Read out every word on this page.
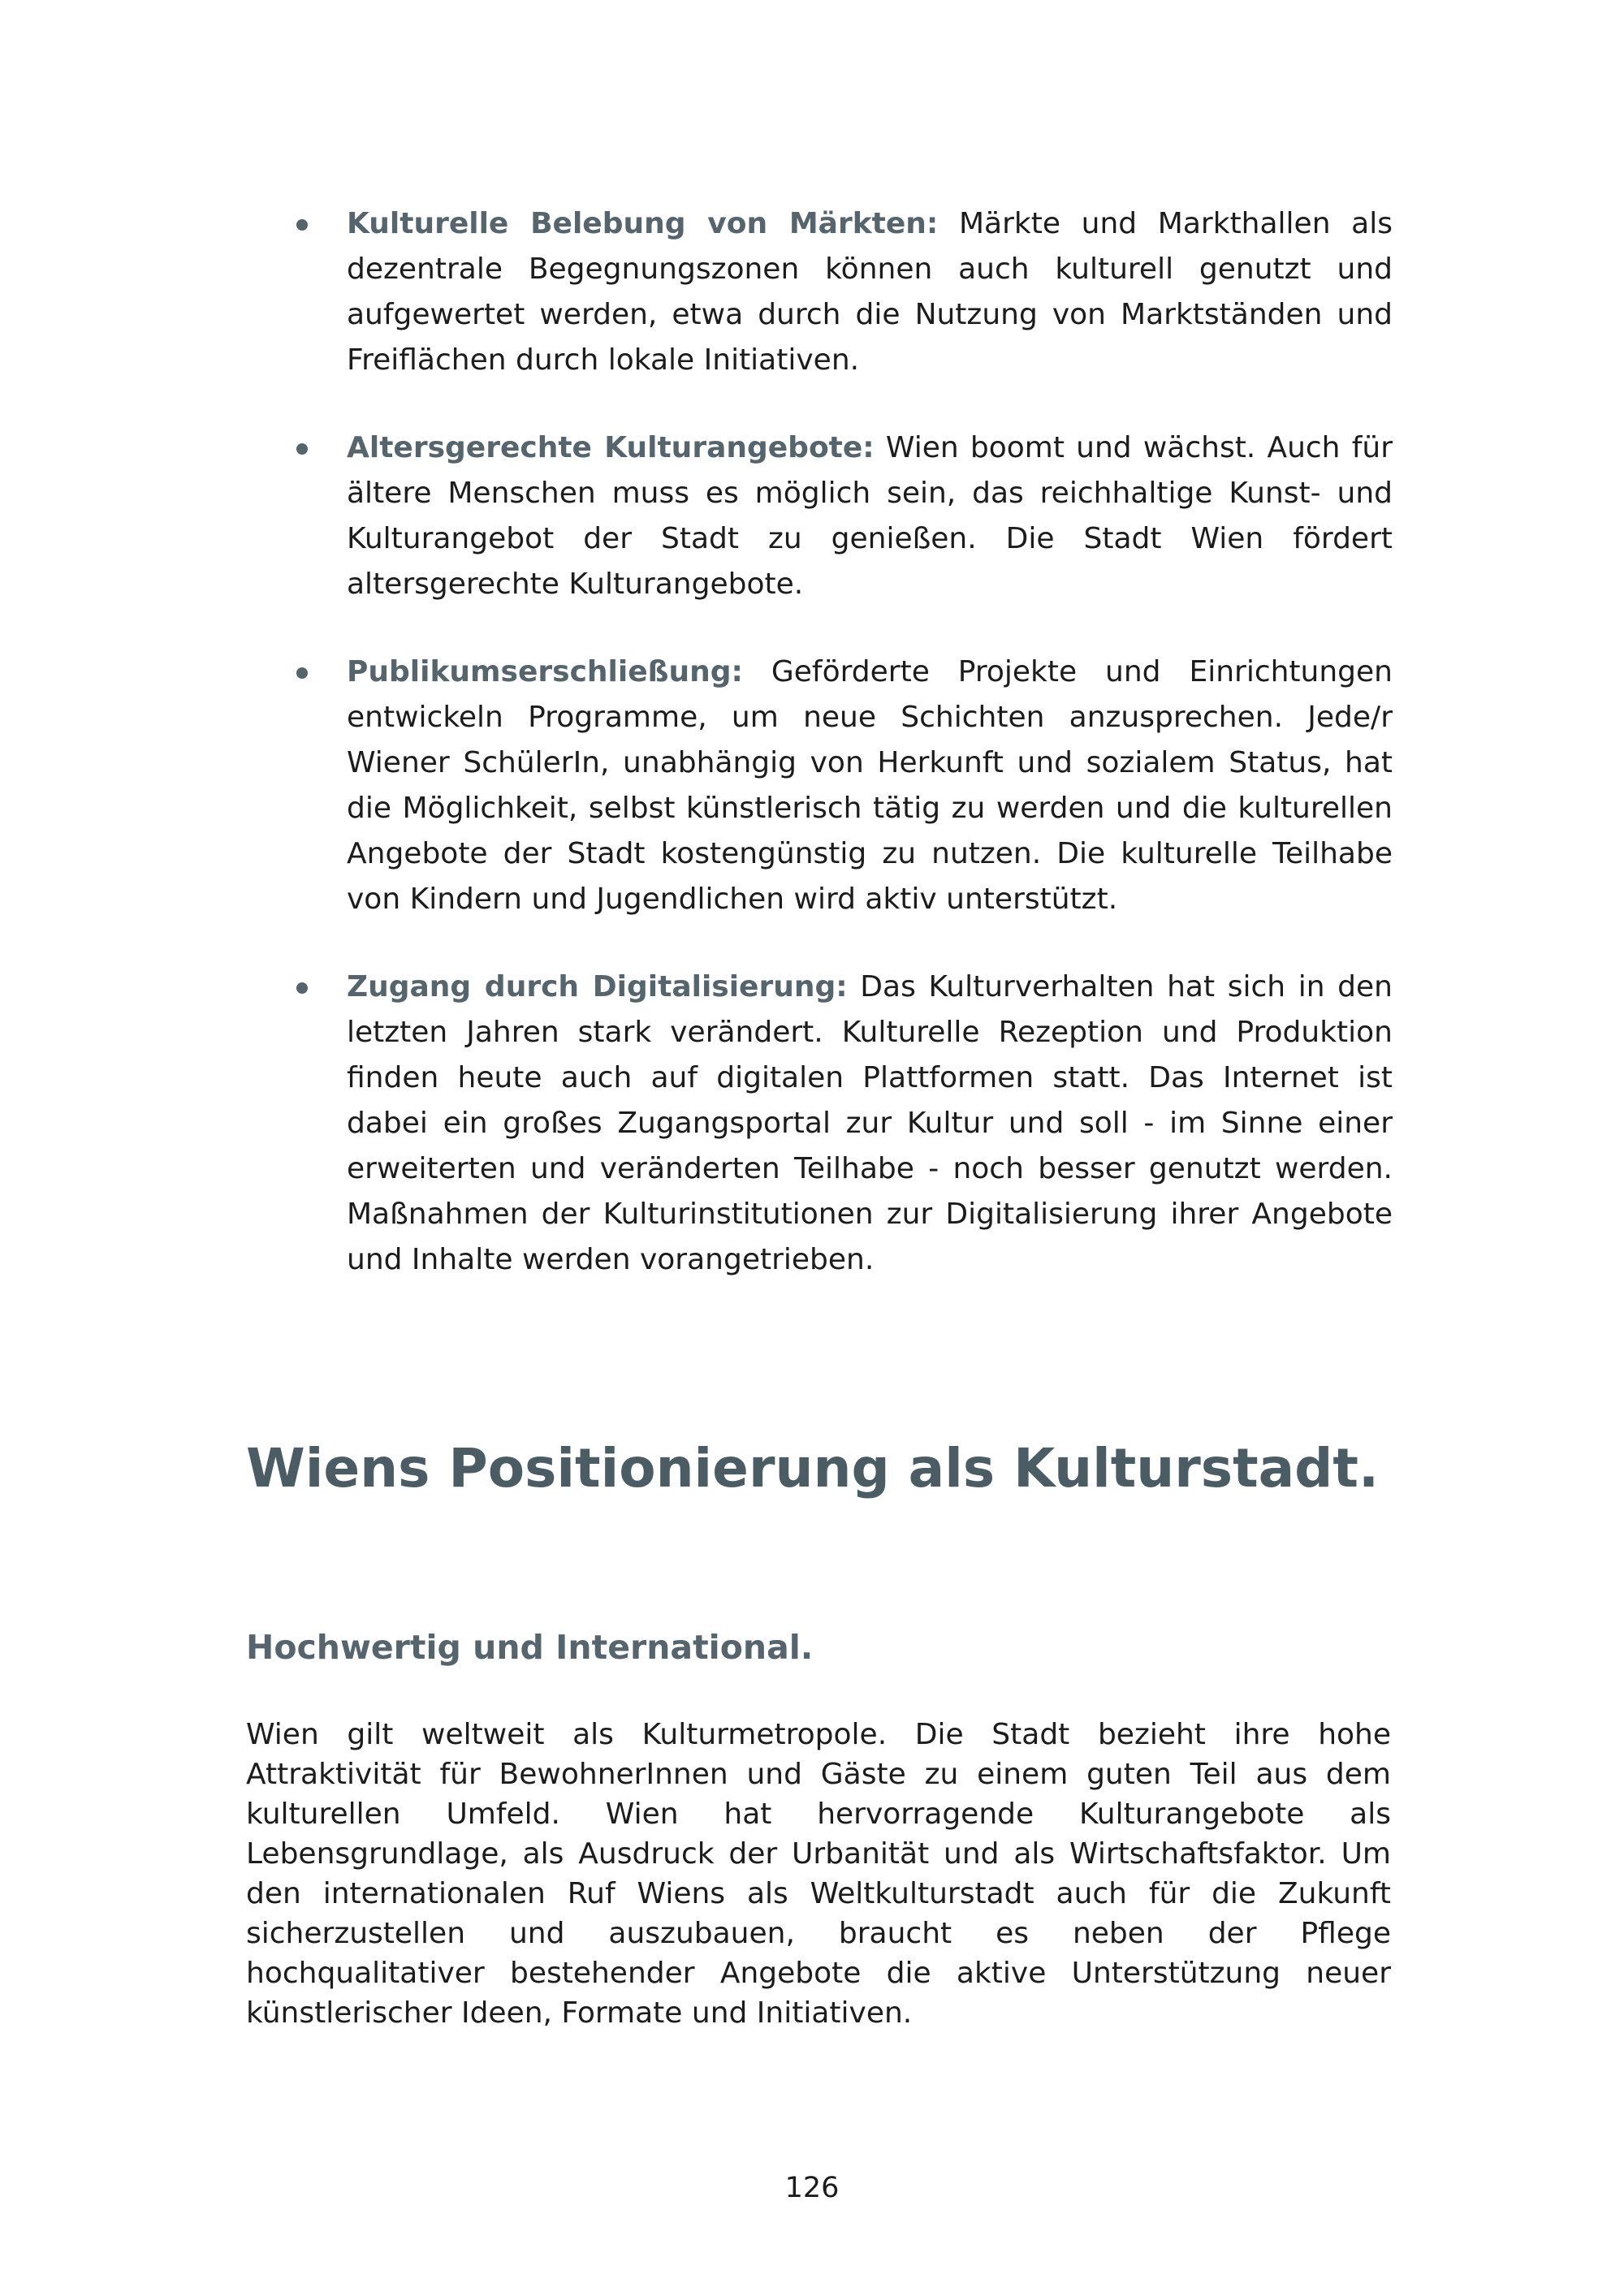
Kulturelle Belebung von Märkten: Märkte und Markthallen als dezentrale Begegnungszonen können auch kulturell genutzt und aufgewertet werden, etwa durch die Nutzung von Marktständen und Freiflächen durch lokale Initiativen.
Altersgerechte Kulturangebote: Wien boomt und wächst. Auch für ältere Menschen muss es möglich sein, das reichhaltige Kunst- und Kulturangebot der Stadt zu genießen. Die Stadt Wien fördert altersgerechte Kulturangebote.
Publikumserschließung: Geförderte Projekte und Einrichtungen entwickeln Programme, um neue Schichten anzusprechen. Jede/r Wiener SchülerIn, unabhängig von Herkunft und sozialem Status, hat die Möglichkeit, selbst künstlerisch tätig zu werden und die kulturellen Angebote der Stadt kostengünstig zu nutzen. Die kulturelle Teilhabe von Kindern und Jugendlichen wird aktiv unterstützt.
Zugang durch Digitalisierung: Das Kulturverhalten hat sich in den letzten Jahren stark verändert. Kulturelle Rezeption und Produktion finden heute auch auf digitalen Plattformen statt. Das Internet ist dabei ein großes Zugangsportal zur Kultur und soll - im Sinne einer erweiterten und veränderten Teilhabe - noch besser genutzt werden. Maßnahmen der Kulturinstitutionen zur Digitalisierung ihrer Angebote und Inhalte werden vorangetrieben.
Wiens Positionierung als Kulturstadt.
Hochwertig und International.

Wien gilt weltweit als Kulturmetropole. Die Stadt bezieht ihre hohe Attraktivität für BewohnerInnen und Gäste zu einem guten Teil aus dem kulturellen Umfeld. Wien hat hervorragende Kulturangebote als Lebensgrundlage, als Ausdruck der Urbanität und als Wirtschaftsfaktor. Um den internationalen Ruf Wiens als Weltkulturstadt auch für die Zukunft sicherzustellen und auszubauen, braucht es neben der Pflege hochqualitativer bestehender Angebote die aktive Unterstützung neuer künstlerischer Ideen, Formate und Initiativen.

126
